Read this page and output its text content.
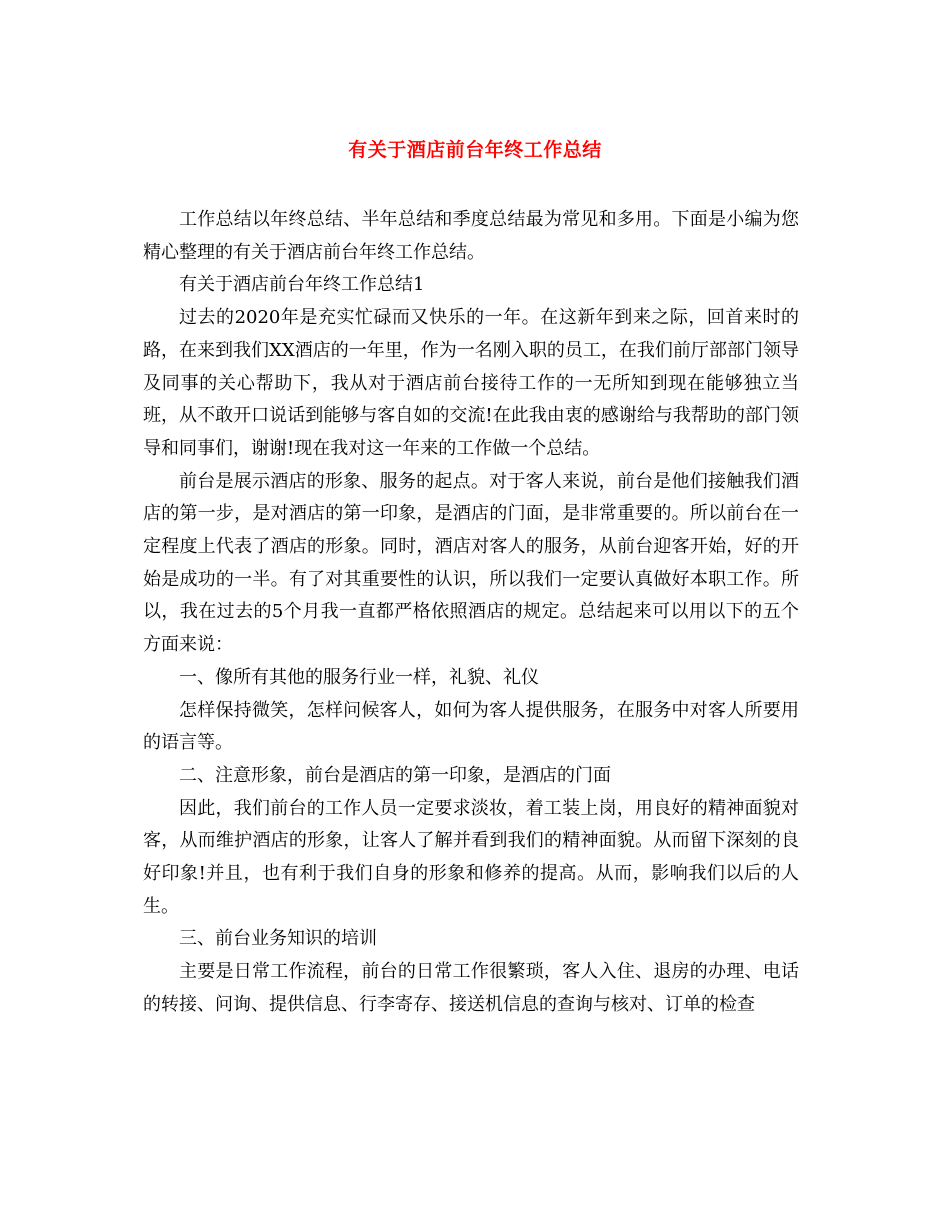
有关于酒店前台年终工作总结

工作总结以年终总结、半年总结和季度总结最为常见和多用。下面是小编为您精心整理的有关于酒店前台年终工作总结。

有关于酒店前台年终工作总结1

过去的2020年是充实忙碌而又快乐的一年。在这新年到来之际，回首来时的路，在来到我们XX酒店的一年里，作为一名刚入职的员工，在我们前厅部部门领导及同事的关心帮助下，我从对于酒店前台接待工作的一无所知到现在能够独立当班，从不敢开口说话到能够与客自如的交流!在此我由衷的感谢给与我帮助的部门领导和同事们，谢谢!现在我对这一年来的工作做一个总结。

前台是展示酒店的形象、服务的起点。对于客人来说，前台是他们接触我们酒店的第一步，是对酒店的第一印象，是酒店的门面，是非常重要的。所以前台在一定程度上代表了酒店的形象。同时，酒店对客人的服务，从前台迎客开始，好的开始是成功的一半。有了对其重要性的认识，所以我们一定要认真做好本职工作。所以，我在过去的5个月我一直都严格依照酒店的规定。总结起来可以用以下的五个方面来说：

一、像所有其他的服务行业一样，礼貌、礼仪

怎样保持微笑，怎样问候客人，如何为客人提供服务，在服务中对客人所要用的语言等。

二、注意形象，前台是酒店的第一印象，是酒店的门面

因此，我们前台的工作人员一定要求淡妆，着工装上岗，用良好的精神面貌对客，从而维护酒店的形象，让客人了解并看到我们的精神面貌。从而留下深刻的良好印象!并且，也有利于我们自身的形象和修养的提高。从而，影响我们以后的人生。

三、前台业务知识的培训

主要是日常工作流程，前台的日常工作很繁琐，客人入住、退房的办理、电话的转接、问询、提供信息、行李寄存、接送机信息的查询与核对、订单的检查
